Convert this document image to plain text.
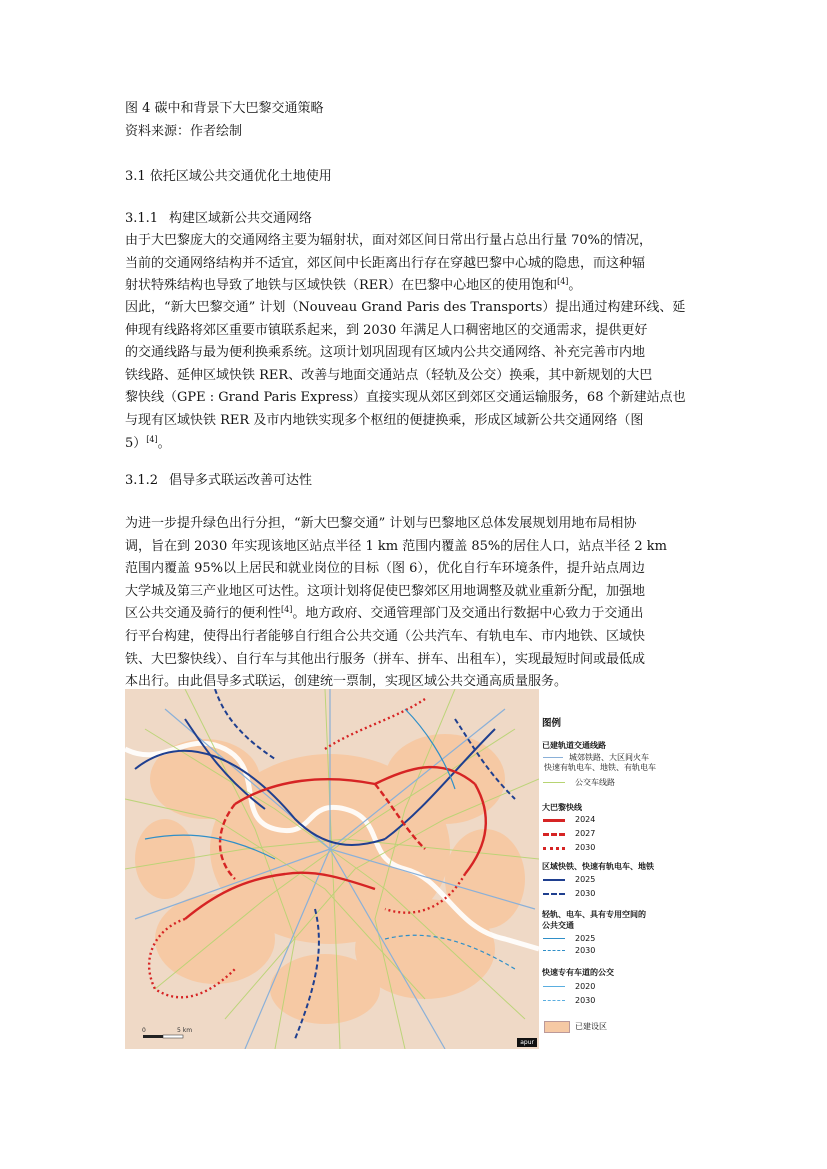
图 4 碳中和背景下大巴黎交通策略
资料来源：作者绘制
3.1 依托区域公共交通优化土地使用
3.1.1 构建区域新公共交通网络
由于大巴黎庞大的交通网络主要为辐射状，面对郊区间日常出行量占总出行量 70%的情况，
当前的交通网络结构并不适宜，郊区间中长距离出行存在穿越巴黎中心城的隐患，而这种辐
射状特殊结构也导致了地铁与区域快铁（RER）在巴黎中心地区的使用饱和[4]。
因此，“新大巴黎交通” 计划（Nouveau Grand Paris des Transports）提出通过构建环线、延
伸现有线路将郊区重要市镇联系起来，到 2030 年满足人口稠密地区的交通需求，提供更好
的交通线路与最为便利换乘系统。这项计划巩固现有区域内公共交通网络、补充完善市内地
铁线路、延伸区域快铁 RER、改善与地面交通站点（轻轨及公交）换乘，其中新规划的大巴
黎快线（GPE : Grand Paris Express）直接实现从郊区到郊区交通运输服务，68 个新建站点也
与现有区域快铁 RER 及市内地铁实现多个枢纽的便捷换乘，形成区域新公共交通网络（图
5）[4]。
3.1.2 倡导多式联运改善可达性
为进一步提升绿色出行分担，“新大巴黎交通” 计划与巴黎地区总体发展规划用地布局相协
调，旨在到 2030 年实现该地区站点半径 1 km 范围内覆盖 85%的居住人口，站点半径 2 km
范围内覆盖 95%以上居民和就业岗位的目标（图 6），优化自行车环境条件，提升站点周边
大学城及第三产业地区可达性。这项计划将促使巴黎郊区用地调整及就业重新分配，加强地
区公共交通及骑行的便利性[4]。地方政府、交通管理部门及交通出行数据中心致力于交通出
行平台构建，使得出行者能够自行组合公共交通（公共汽车、有轨电车、市内地铁、区域快
铁、大巴黎快线）、自行车与其他出行服务（拼车、拼车、出租车），实现最短时间或最低成
本出行。由此倡导多式联运，创建统一票制，实现区域公共交通高质量服务。
0	5 km
apur
图例
已建轨道交通线路
城郊铁路、大区间火车
快速有轨电车、地铁、有轨电车
公交车线路
大巴黎快线
2024
2027
2030
区域快铁、快速有轨电车、地铁
2025
2030
轻轨、电车、具有专用空间的
公共交通
2025
2030
快速专有车道的公交
2020
2030
已建设区
